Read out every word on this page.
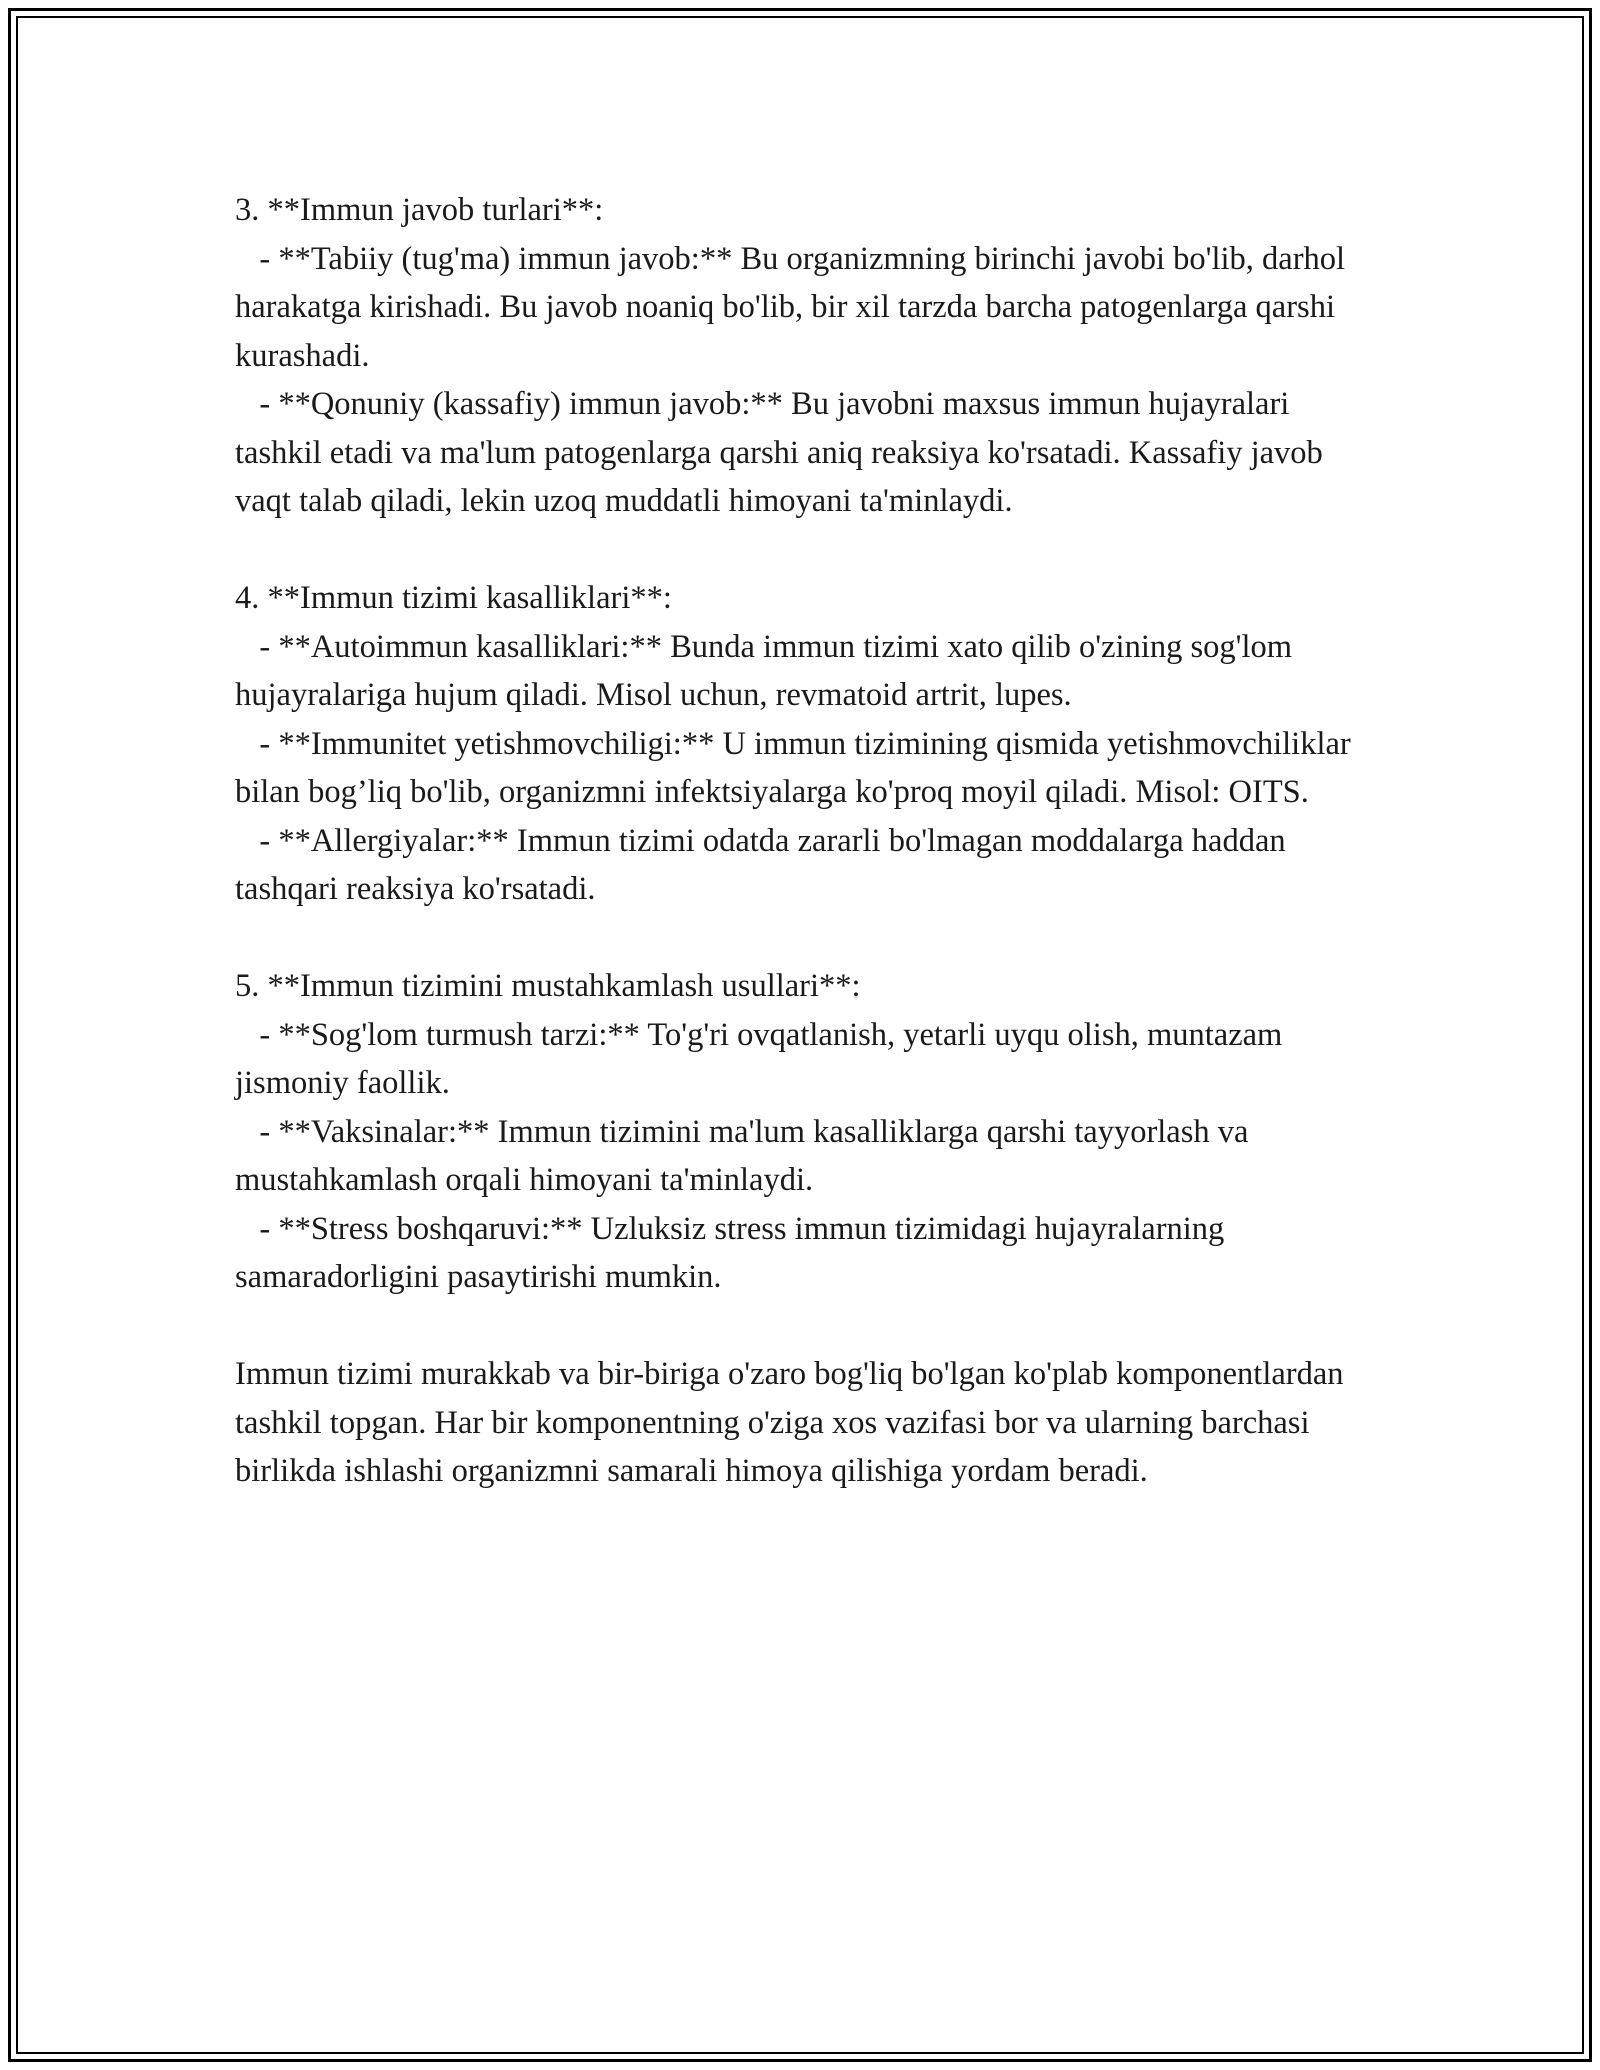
3. **Immun javob turlari**:

- **Tabiiy (tug'ma) immun javob:** Bu organizmning birinchi javobi bo'lib, darhol harakatga kirishadi. Bu javob noaniq bo'lib, bir xil tarzda barcha patogenlarga qarshi kurashadi.

- **Qonuniy (kassafiy) immun javob:** Bu javobni maxsus immun hujayralari tashkil etadi va ma'lum patogenlarga qarshi aniq reaksiya ko'rsatadi. Kassafiy javob vaqt talab qiladi, lekin uzoq muddatli himoyani ta'minlaydi.

4. **Immun tizimi kasalliklari**:

- **Autoimmun kasalliklari:** Bunda immun tizimi xato qilib o'zining sog'lom hujayralariga hujum qiladi. Misol uchun, revmatoid artrit, lupes.

- **Immunitet yetishmovchiligi:** U immun tizimining qismida yetishmovchiliklar bilan bog’liq bo'lib, organizmni infektsiyalarga ko'proq moyil qiladi. Misol: OITS.

- **Allergiyalar:** Immun tizimi odatda zararli bo'lmagan moddalarga haddan tashqari reaksiya ko'rsatadi.

5. **Immun tizimini mustahkamlash usullari**:

- **Sog'lom turmush tarzi:** To'g'ri ovqatlanish, yetarli uyqu olish, muntazam jismoniy faollik.

- **Vaksinalar:** Immun tizimini ma'lum kasalliklarga qarshi tayyorlash va mustahkamlash orqali himoyani ta'minlaydi.

- **Stress boshqaruvi:** Uzluksiz stress immun tizimidagi hujayralarning samaradorligini pasaytirishi mumkin.

Immun tizimi murakkab va bir-biriga o'zaro bog'liq bo'lgan ko'plab komponentlardan tashkil topgan. Har bir komponentning o'ziga xos vazifasi bor va ularning barchasi birlikda ishlashi organizmni samarali himoya qilishiga yordam beradi.
